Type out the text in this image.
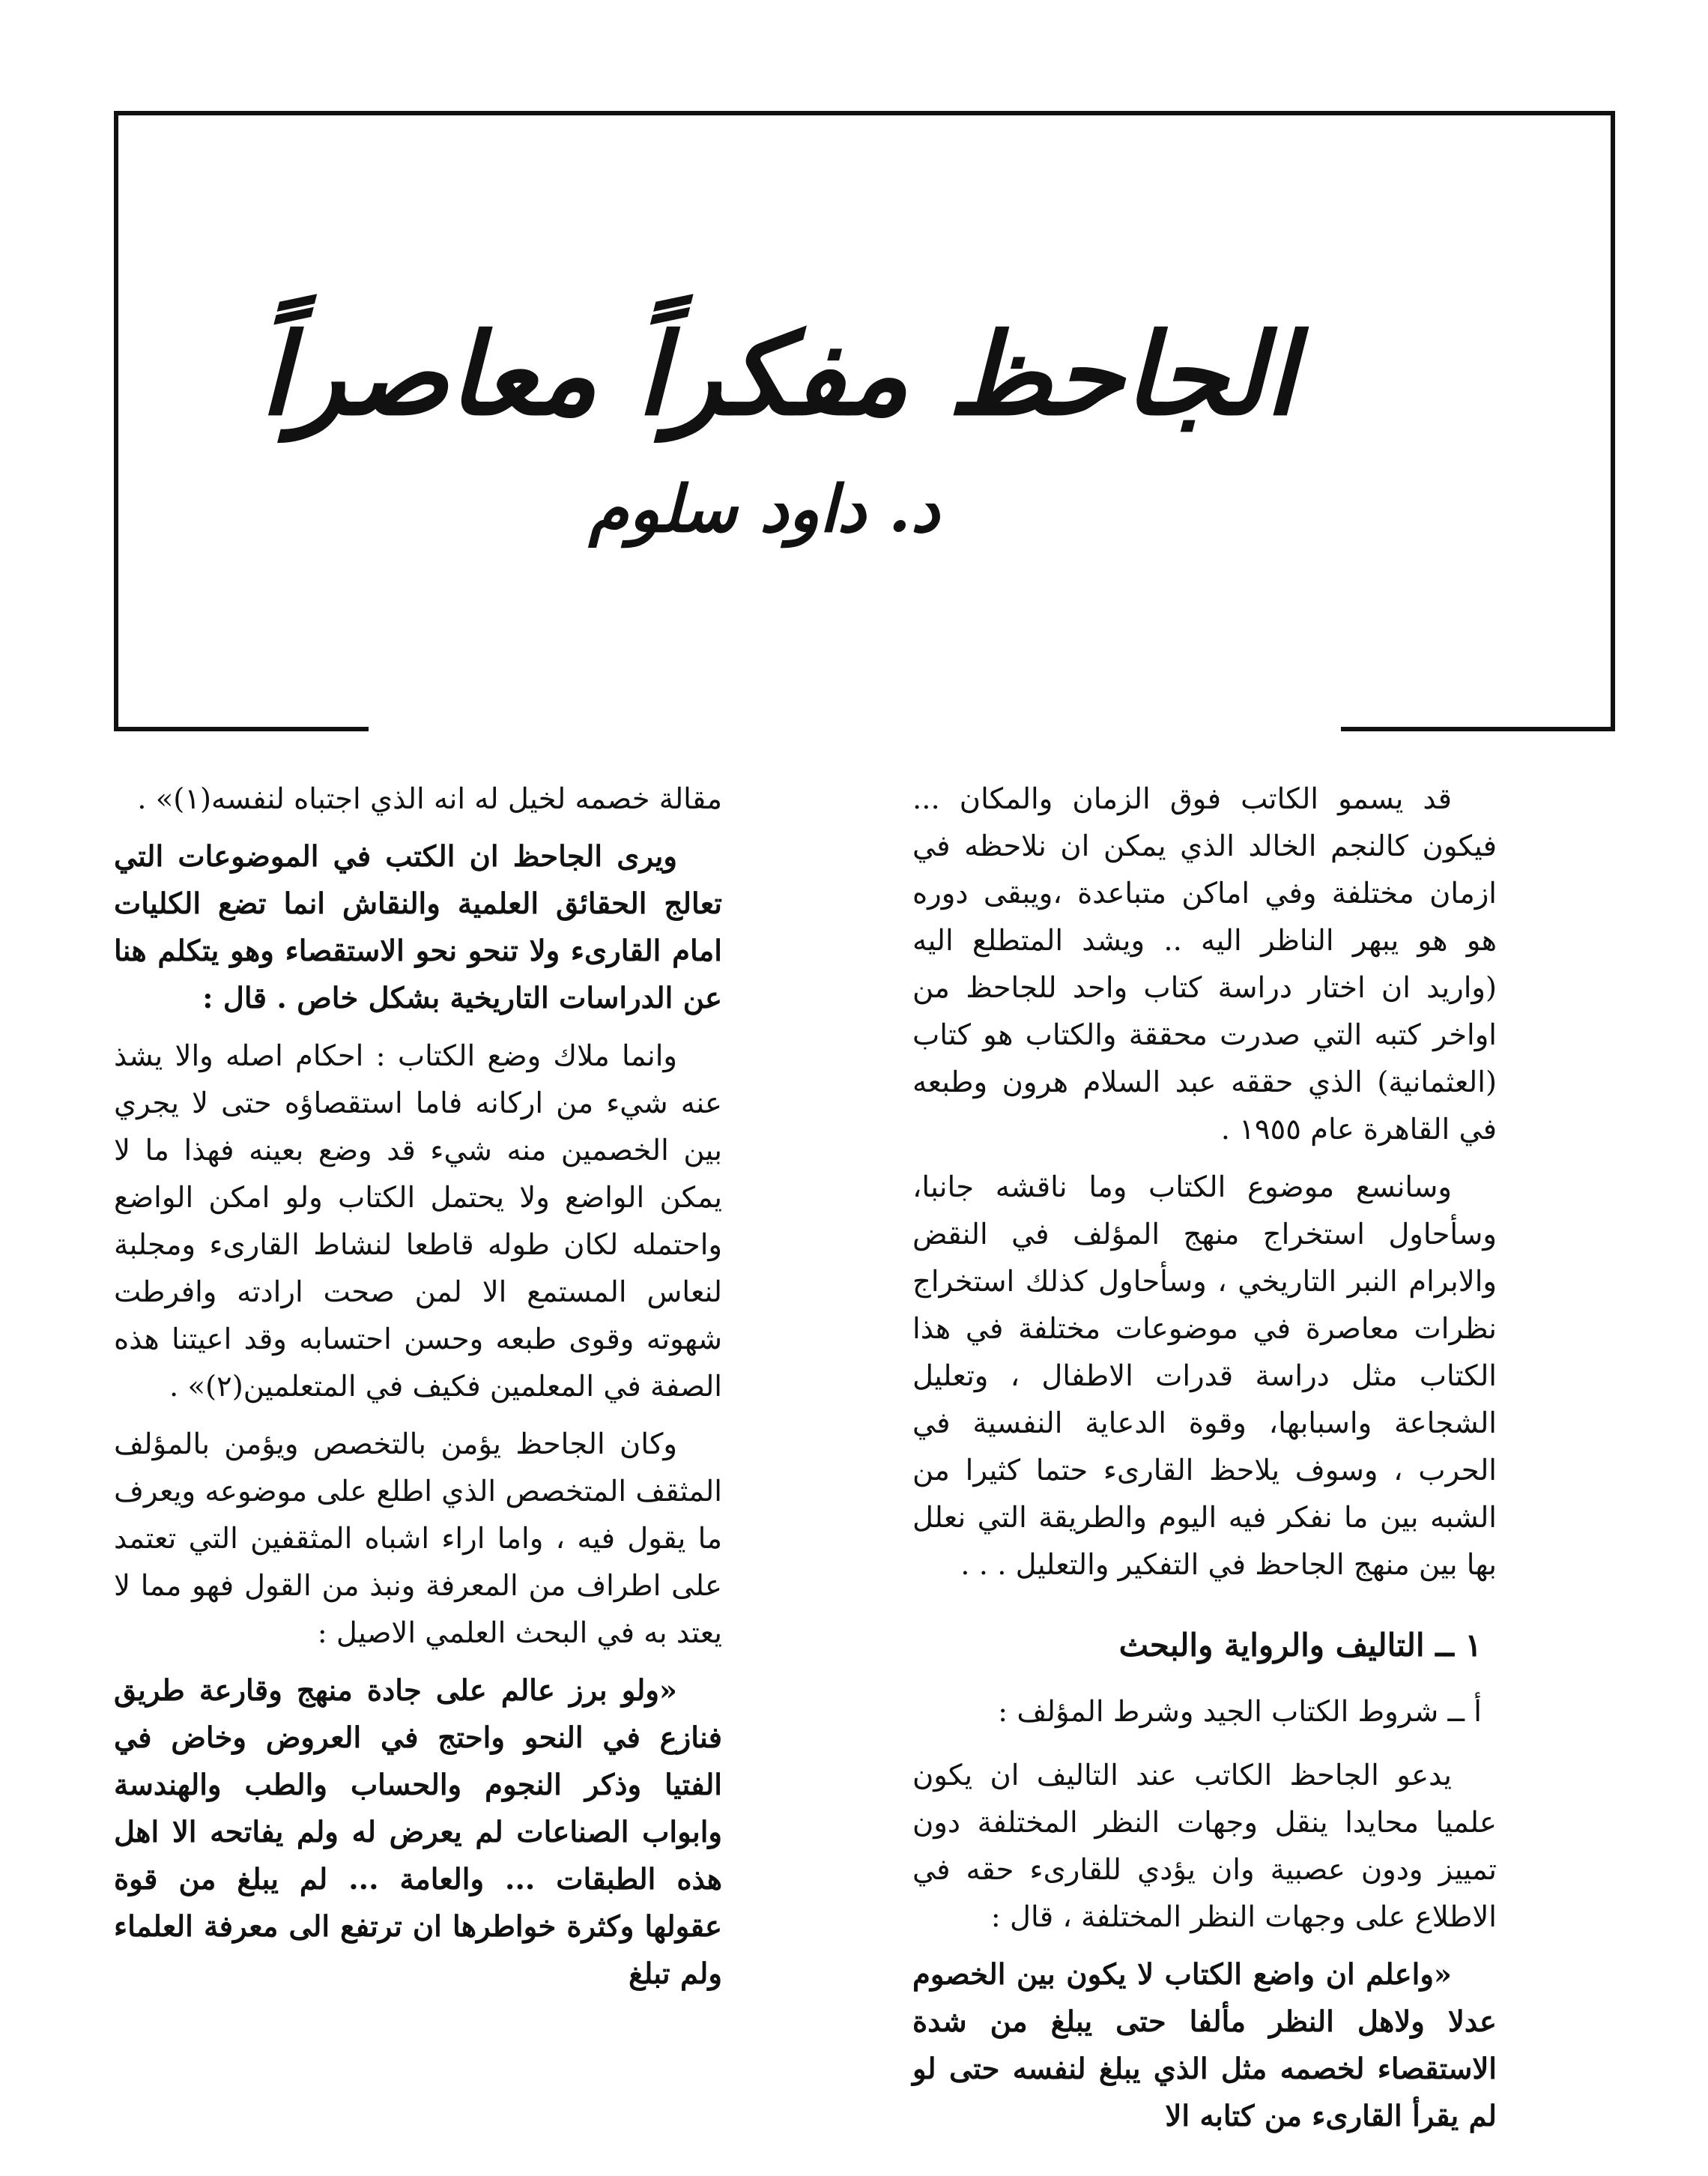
الجاحظ مفكراً معاصراً
د. داود سلوم

قد يسمو الكاتب فوق الزمان والمكان ... فيكون كالنجم الخالد الذي يمكن ان نلاحظه في ازمان مختلفة وفي اماكن متباعدة ،ويبقى دوره هو هو يبهر الناظر اليه .. ويشد المتطلع اليه (واريد ان اختار دراسة كتاب واحد للجاحظ من اواخر كتبه التي صدرت محققة والكتاب هو كتاب (العثمانية) الذي حققه عبد السلام هرون وطبعه في القاهرة عام ١٩٥٥ .

وسانسع موضوع الكتاب وما ناقشه جانبا، وسأحاول استخراج منهج المؤلف في النقض والابرام النبر التاريخي ، وسأحاول كذلك استخراج نظرات معاصرة في موضوعات مختلفة في هذا الكتاب مثل دراسة قدرات الاطفال ، وتعليل الشجاعة واسبابها، وقوة الدعاية النفسية في الحرب ، وسوف يلاحظ القارىء حتما كثيرا من الشبه بين ما نفكر فيه اليوم والطريقة التي نعلل بها بين منهج الجاحظ في التفكير والتعليل . . .

١ ــ التاليف والرواية والبحث
أ ــ شروط الكتاب الجيد وشرط المؤلف :

يدعو الجاحظ الكاتب عند التاليف ان يكون علميا محايدا ينقل وجهات النظر المختلفة دون تمييز ودون عصبية وان يؤدي للقارىء حقه في الاطلاع على وجهات النظر المختلفة ، قال :

«واعلم ان واضع الكتاب لا يكون بين الخصوم عدلا ولاهل النظر مألفا حتى يبلغ من شدة الاستقصاء لخصمه مثل الذي يبلغ لنفسه حتى لو لم يقرأ القارىء من كتابه الا

مقالة خصمه لخيل له انه الذي اجتباه لنفسه(١)» .

ويرى الجاحظ ان الكتب في الموضوعات التي تعالج الحقائق العلمية والنقاش انما تضع الكليات امام القارىء ولا تنحو نحو الاستقصاء وهو يتكلم هنا عن الدراسات التاريخية بشكل خاص . قال :

وانما ملاك وضع الكتاب : احكام اصله والا يشذ عنه شيء من اركانه فاما استقصاؤه حتى لا يجري بين الخصمين منه شيء قد وضع بعينه فهذا ما لا يمكن الواضع ولا يحتمل الكتاب ولو امكن الواضع واحتمله لكان طوله قاطعا لنشاط القارىء ومجلبة لنعاس المستمع الا لمن صحت ارادته وافرطت شهوته وقوى طبعه وحسن احتسابه وقد اعيتنا هذه الصفة في المعلمين فكيف في المتعلمين(٢)» .

وكان الجاحظ يؤمن بالتخصص ويؤمن بالمؤلف المثقف المتخصص الذي اطلع على موضوعه ويعرف ما يقول فيه ، واما اراء اشباه المثقفين التي تعتمد على اطراف من المعرفة ونبذ من القول فهو مما لا يعتد به في البحث العلمي الاصيل :

«ولو برز عالم على جادة منهج وقارعة طريق فنازع في النحو واحتج في العروض وخاض في الفتيا وذكر النجوم والحساب والطب والهندسة وابواب الصناعات لم يعرض له ولم يفاتحه الا اهل هذه الطبقات ... والعامة ... لم يبلغ من قوة عقولها وكثرة خواطرها ان ترتفع الى معرفة العلماء ولم تبلغ
